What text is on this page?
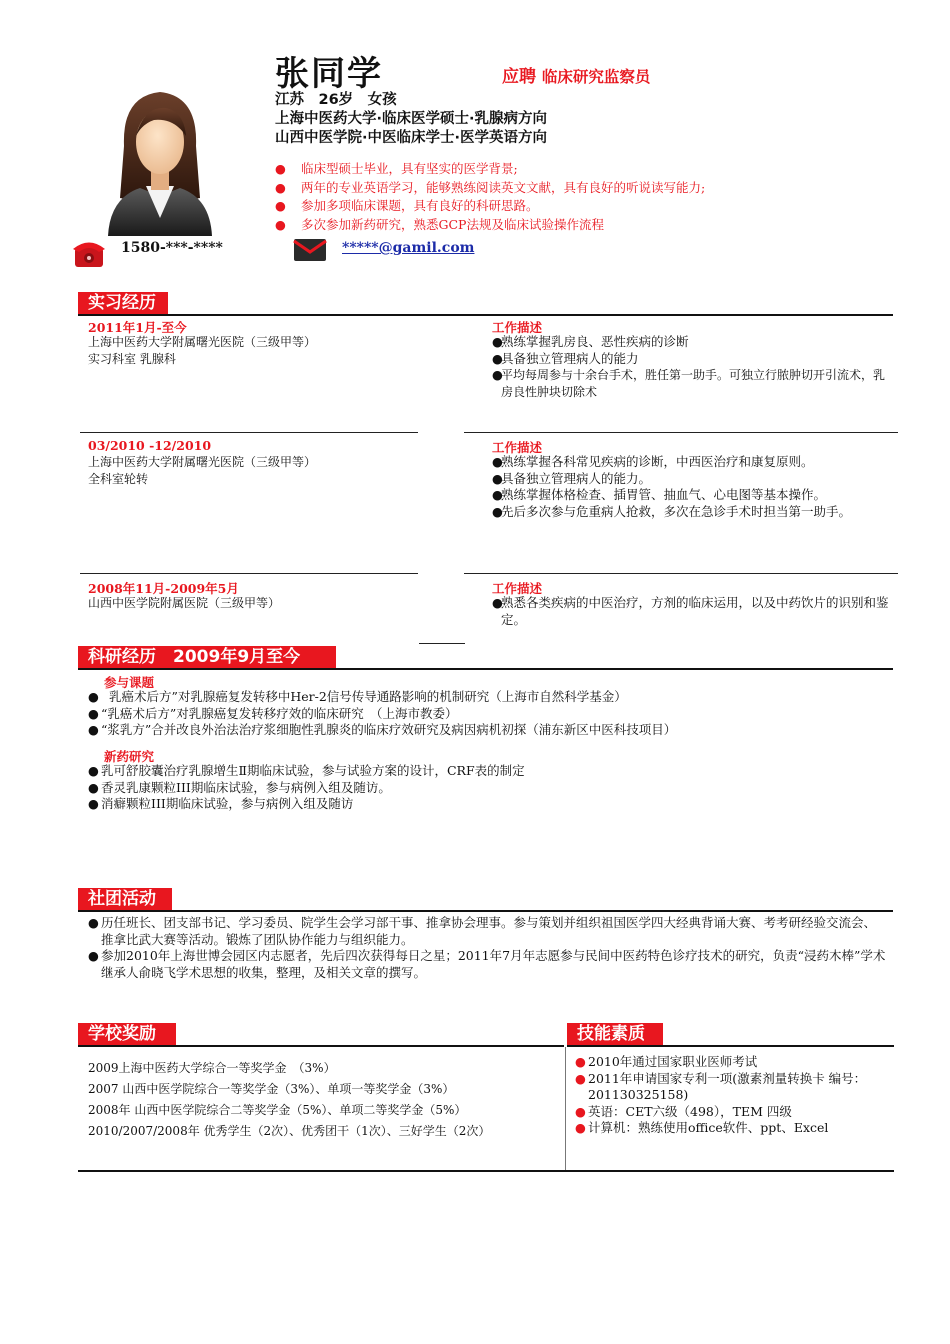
张同学	应聘 临床研究监察员
江苏　26岁　女孩
上海中医药大学·临床医学硕士·乳腺病方向
山西中医学院·中医临床学士·医学英语方向
●	临床型硕士毕业，具有坚实的医学背景;
●	两年的专业英语学习，能够熟练阅读英文文献，具有良好的听说读写能力;
●	参加多项临床课题，具有良好的科研思路。
●	多次参加新药研究，熟悉GCP法规及临床试验操作流程
1580-***-****	*****@gamil.com
实习经历
2011年1月-至今
上海中医药大学附属曙光医院（三级甲等）
实习科室 乳腺科
工作描述
●
熟练掌握乳房良、恶性疾病的诊断
●
具备独立管理病人的能力
●
平均每周参与十余台手术，胜任第一助手。可独立行脓肿切开引流术，乳房良性肿块切除术
03/2010 -12/2010
上海中医药大学附属曙光医院（三级甲等）
全科室轮转
工作描述
●
熟练掌握各科常见疾病的诊断，中西医治疗和康复原则。
●
具备独立管理病人的能力。
●
熟练掌握体格检查、插胃管、抽血气、心电图等基本操作。
●
先后多次参与危重病人抢救，多次在急诊手术时担当第一助手。
2008年11月-2009年5月
山西中医学院附属医院（三级甲等）
工作描述
●
熟悉各类疾病的中医治疗，方剂的临床运用，以及中药饮片的识别和鉴定。
科研经历　2009年9月至今
参与课题
● 乳癌术后方”对乳腺癌复发转移中Her-2信号传导通路影响的机制研究（上海市自然科学基金）
● “乳癌术后方”对乳腺癌复发转移疗效的临床研究　（上海市教委）
● “浆乳方”合并改良外治法治疗浆细胞性乳腺炎的临床疗效研究及病因病机初探（浦东新区中医科技项目）
新药研究
● 乳可舒胶囊治疗乳腺增生Ⅱ期临床试验，参与试验方案的设计，CRF表的制定
● 香灵乳康颗粒III期临床试验，参与病例入组及随访。
● 消癖颗粒III期临床试验，参与病例入组及随访
社团活动
● 历任班长、团支部书记、学习委员、院学生会学习部干事、推拿协会理事。参与策划并组织祖国医学四大经典背诵大赛、考考研经验交流会、推拿比武大赛等活动。锻炼了团队协作能力与组织能力。
● 参加2010年上海世博会园区内志愿者，先后四次获得每日之星；2011年7月年志愿参与民间中医药特色诊疗技术的研究，负责“浸药木棒”学术继承人俞晓飞学术思想的收集，整理，及相关文章的撰写。
学校奖励	技能素质
2009上海中医药大学综合一等奖学金　（3%）
2007 山西中医学院综合一等奖学金（3%）、单项一等奖学金（3%）
2008年 山西中医学院综合二等奖学金（5%）、单项二等奖学金（5%）
2010/2007/2008年 优秀学生（2次）、优秀团干（1次）、三好学生（2次）
● 2010年通过国家职业医师考试
● 2011年申请国家专利一项(激素剂量转换卡 编号：201130325158)
● 英语：CET六级（498），TEM 四级
● 计算机：熟练使用office软件、ppt、Excel
